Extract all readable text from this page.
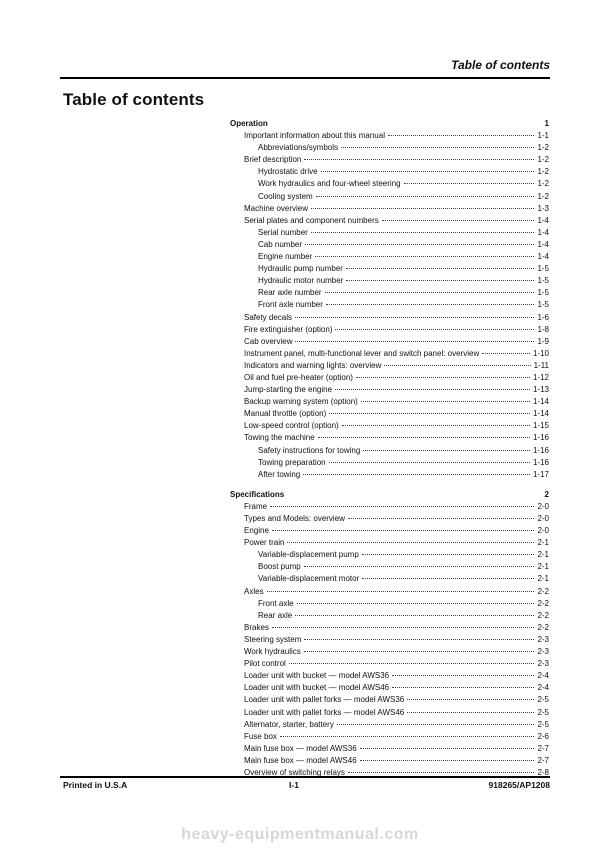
Table of contents
Table of contents
Operation	1
Important information about this manual	1-1
Abbreviations/symbols	1-2
Brief description	1-2
Hydrostatic drive	1-2
Work hydraulics and four-wheel steering	1-2
Cooling system	1-2
Machine overview	1-3
Serial plates and component numbers	1-4
Serial number	1-4
Cab number	1-4
Engine number	1-4
Hydraulic pump number	1-5
Hydraulic motor number	1-5
Rear axle number	1-5
Front axle number	1-5
Safety decals	1-6
Fire extinguisher (option)	1-8
Cab overview	1-9
Instrument panel, multi-functional lever and switch panel: overview	1-10
Indicators and warning lights: overview	1-11
Oil and fuel pre-heater (option)	1-12
Jump-starting the engine	1-13
Backup warning system (option)	1-14
Manual throttle (option)	1-14
Low-speed control (option)	1-15
Towing the machine	1-16
Safety instructions for towing	1-16
Towing preparation	1-16
After towing	1-17
Specifications	2
Frame	2-0
Types and Models: overview	2-0
Engine	2-0
Power train	2-1
Variable-displacement pump	2-1
Boost pump	2-1
Variable-displacement motor	2-1
Axles	2-2
Front axle	2-2
Rear axle	2-2
Brakes	2-2
Steering system	2-3
Work hydraulics	2-3
Pilot control	2-3
Loader unit with bucket — model AWS36	2-4
Loader unit with bucket — model AWS46	2-4
Loader unit with pallet forks — model AWS36	2-5
Loader unit with pallet forks — model AWS46	2-5
Alternator, starter, battery	2-5
Fuse box	2-6
Main fuse box — model AWS36	2-7
Main fuse box — model AWS46	2-7
Overview of switching relays	2-8
Printed in U.S.A	I-1	918265/AP1208
heavy-equipmentmanual.com
